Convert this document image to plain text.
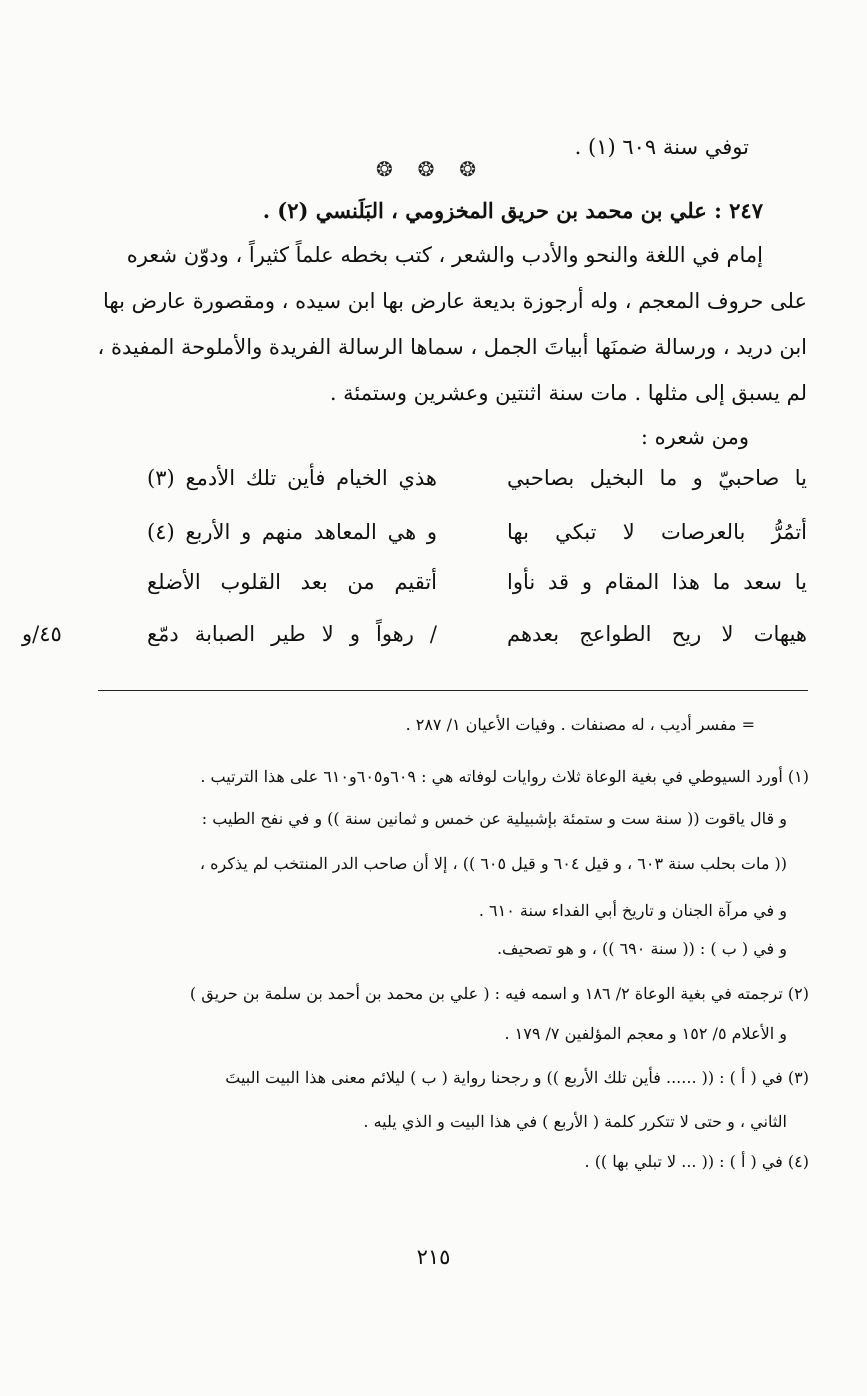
توفي سنة ٦٠٩ (١) .
❂ ❂ ❂
٢٤٧ : علي بن محمد بن حريق المخزومي ، البَلَنسي (٢) .
إمام في اللغة والنحو والأدب والشعر ، كتب بخطه علماً كثيراً ، ودوّن شعره
على حروف المعجم ، وله أرجوزة بديعة عارض بها ابن سيده ، ومقصورة عارض بها
ابن دريد ، ورسالة ضمنَها أبياتَ الجمل ، سماها الرسالة الفريدة والأملوحة المفيدة ،
لم يسبق إلى مثلها . مات سنة اثنتين وعشرين وستمئة .
ومن شعره :
يا صاحبيّ و ما البخيل بصاحبي
هذي الخيام فأين تلك الأدمع (٣)
أتمُرُّ بالعرصات لا تبكي بها
و هي المعاهد منهم و الأربع (٤)
يا سعد ما هذا المقام و قد نأوا
أتقيم من بعد القلوب الأضلع
هيهات لا ريح الطواعج بعدهم
/ رهواً و لا طير الصبابة دمّع
٤٥/و
= مفسر أديب ، له مصنفات . وفيات الأعيان ١/ ٢٨٧ .
(١) أورد السيوطي في بغية الوعاة ثلاث روايات لوفاته هي : ٦٠٩و٦٠٥و٦١٠ على هذا الترتيب .
و قال ياقوت (( سنة ست و ستمئة بإشبيلية عن خمس و ثمانين سنة )) و في نفح الطيب :
(( مات بحلب سنة ٦٠٣ ، و قيل ٦٠٤ و قيل ٦٠٥ )) ، إلا أن صاحب الدر المنتخب لم يذكره ،
و في مرآة الجنان و تاريخ أبي الفداء سنة ٦١٠ .
و في ( ب ) : (( سنة ٦٩٠ )) ، و هو تصحيف.
(٢) ترجمته في بغية الوعاة ٢/ ١٨٦ و اسمه فيه : ( علي بن محمد بن أحمد بن سلمة بن حريق )
و الأعلام ٥/ ١٥٢ و معجم المؤلفين ٧/ ١٧٩ .
(٣) في ( أ ) : (( ...... فأين تلك الأربع )) و رجحنا رواية ( ب ) ليلائم معنى هذا البيت البيتَ
الثاني ، و حتى لا تتكرر كلمة ( الأربع ) في هذا البيت و الذي يليه .
(٤) في ( أ ) : (( ... لا تبلي بها )) .
٢١٥
